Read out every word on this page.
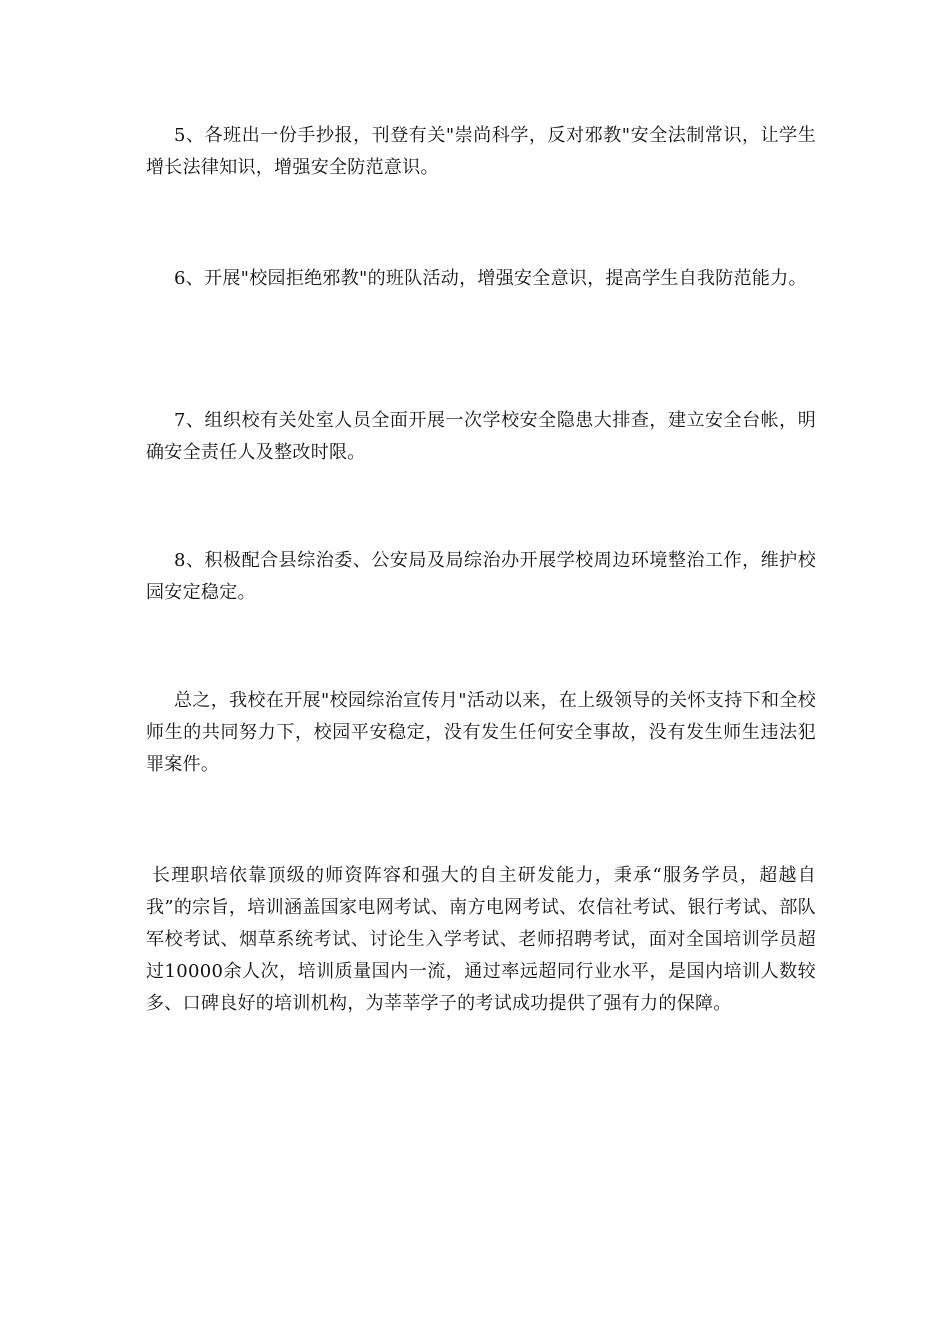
5、各班出一份手抄报，刊登有关"崇尚科学，反对邪教"安全法制常识，让学生增长法律知识，增强安全防范意识。

6、开展"校园拒绝邪教"的班队活动，增强安全意识，提高学生自我防范能力。

7、组织校有关处室人员全面开展一次学校安全隐患大排查，建立安全台帐，明确安全责任人及整改时限。

8、积极配合县综治委、公安局及局综治办开展学校周边环境整治工作，维护校园安定稳定。

总之，我校在开展"校园综治宣传月"活动以来，在上级领导的关怀支持下和全校师生的共同努力下，校园平安稳定，没有发生任何安全事故，没有发生师生违法犯罪案件。

长理职培依靠顶级的师资阵容和强大的自主研发能力，秉承“服务学员，超越自我”的宗旨，培训涵盖国家电网考试、南方电网考试、农信社考试、银行考试、部队军校考试、烟草系统考试、讨论生入学考试、老师招聘考试，面对全国培训学员超过10000余人次，培训质量国内一流，通过率远超同行业水平，是国内培训人数较多、口碑良好的培训机构，为莘莘学子的考试成功提供了强有力的保障。
